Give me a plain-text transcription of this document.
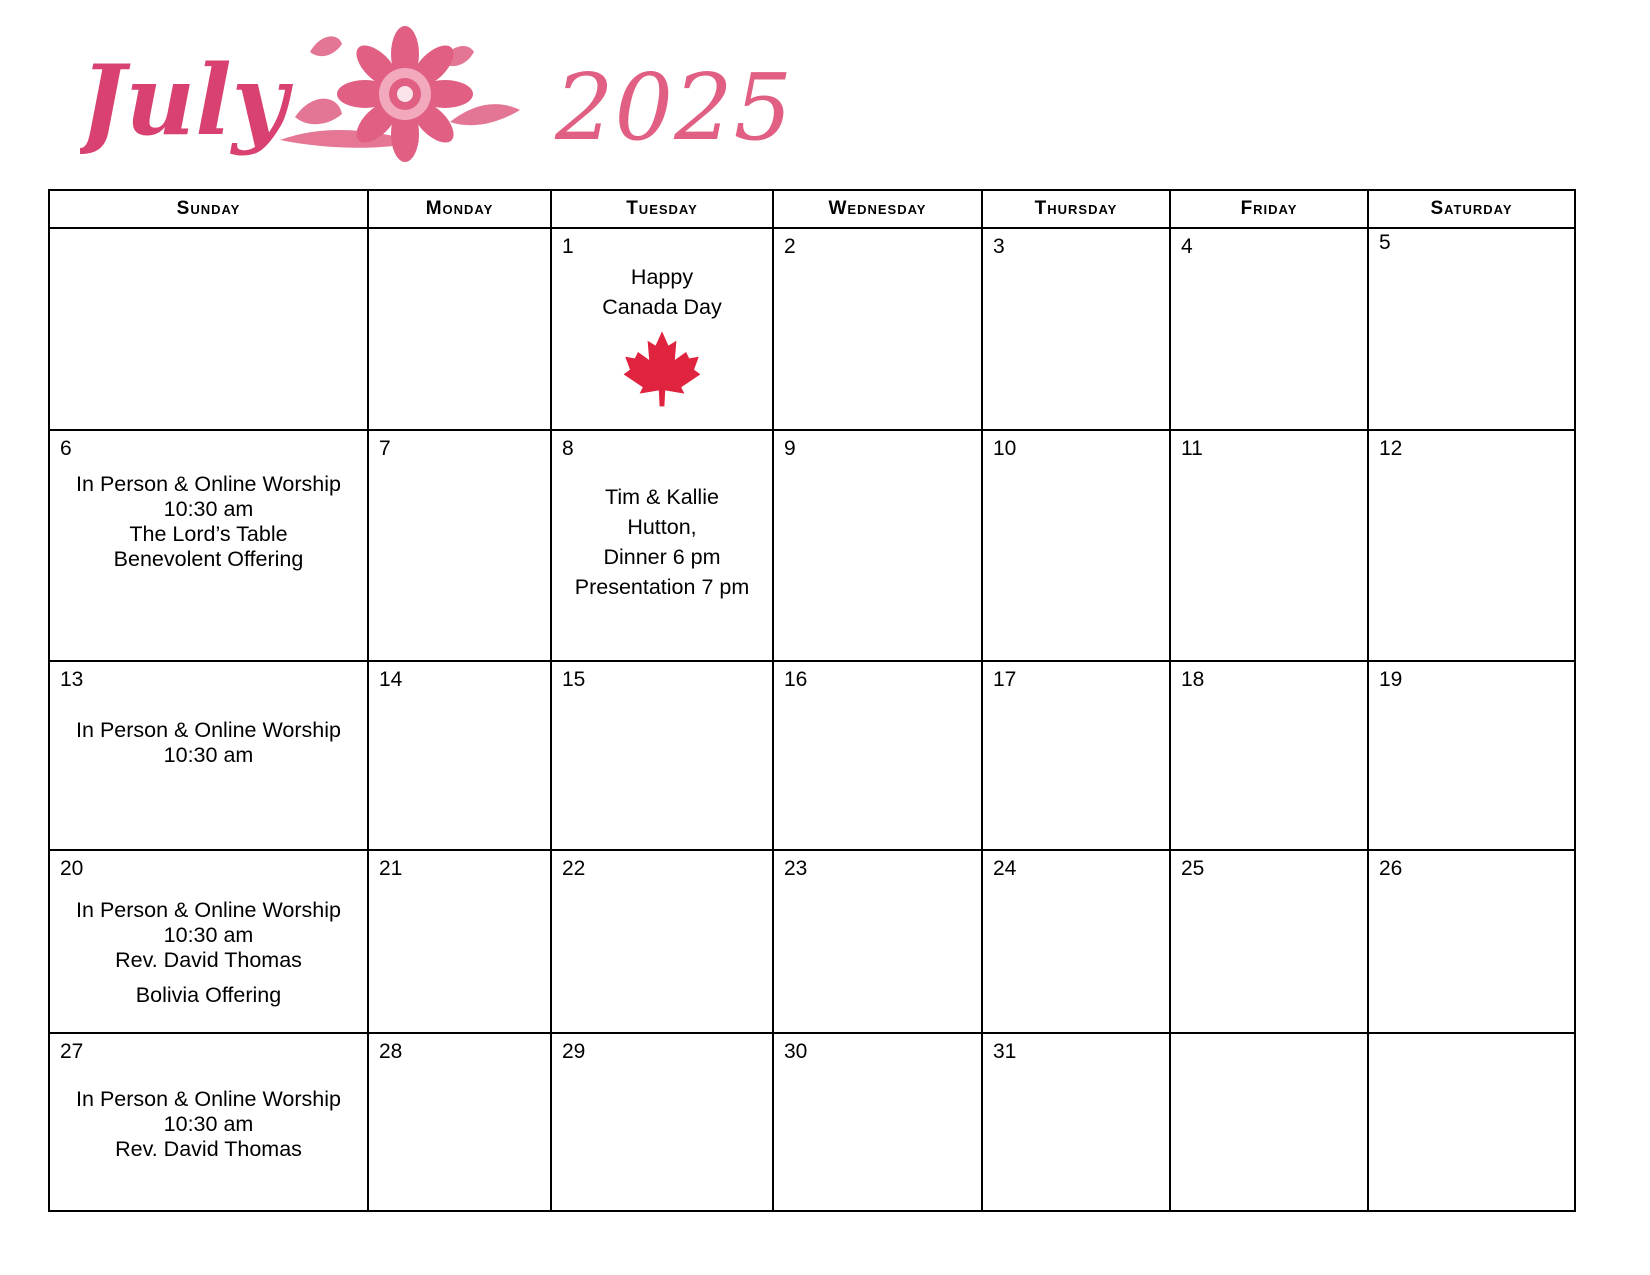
July	2025
Sunday	Monday	Tuesday	Wednesday	Thursday	Friday	Saturday

		1
Happy
Canada Day	2	3	4	5

6
In Person & Online Worship
10:30 am
The Lord’s Table
Benevolent Offering	7	8
Tim & Kallie
Hutton,
Dinner 6 pm
Presentation 7 pm	9	10	11	12

13
In Person & Online Worship
10:30 am	14	15	16	17	18	19

20
In Person & Online Worship
10:30 am
Rev. David Thomas
Bolivia Offering	21	22	23	24	25	26

27
In Person & Online Worship
10:30 am
Rev. David Thomas	28	29	30	31		
